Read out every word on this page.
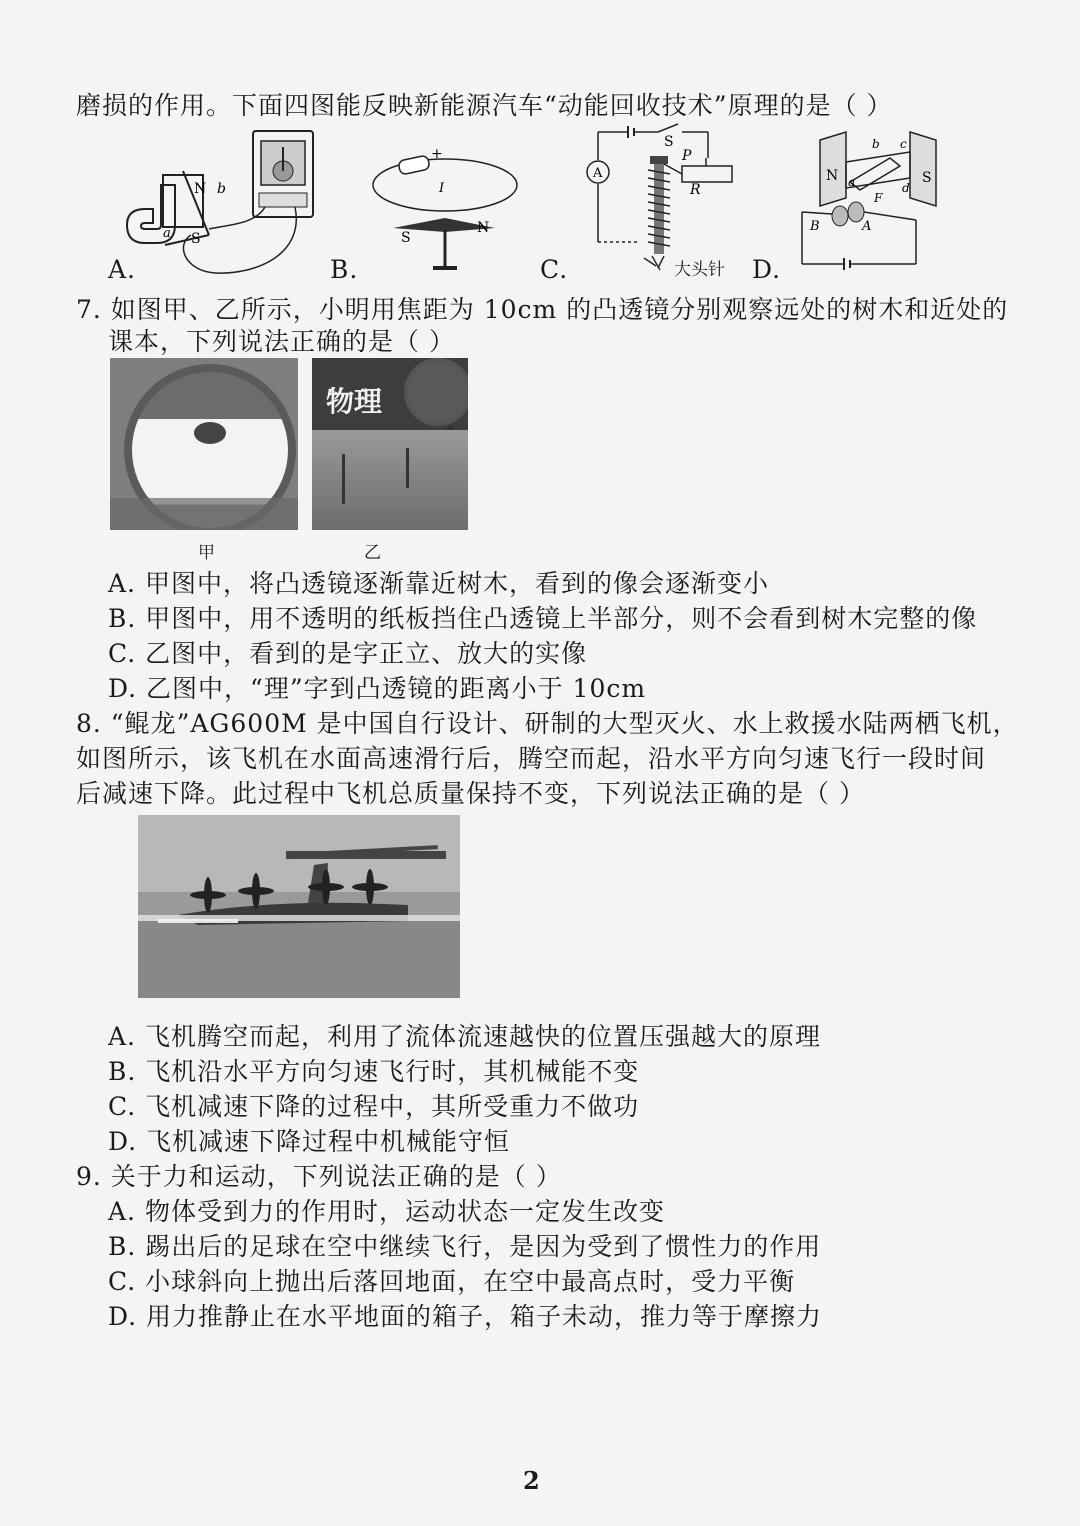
磨损的作用。下面四图能反映新能源汽车“动能回收技术”原理的是（ ）
N b
a S
A.
+
I
S
N
B.
A
S
P
R
大头针
C.
N	S
b c
a	d
F
B	A
D.
7. 如图甲、乙所示，小明用焦距为 10cm 的凸透镜分别观察远处的树木和近处的
课本，下列说法正确的是（ ）
甲
物理
乙
A. 甲图中，将凸透镜逐渐靠近树木，看到的像会逐渐变小
B. 甲图中，用不透明的纸板挡住凸透镜上半部分，则不会看到树木完整的像
C. 乙图中，看到的是字正立、放大的实像
D. 乙图中，“理”字到凸透镜的距离小于 10cm
8. “鲲龙”AG600M 是中国自行设计、研制的大型灭火、水上救援水陆两栖飞机，
如图所示，该飞机在水面高速滑行后，腾空而起，沿水平方向匀速飞行一段时间
后减速下降。此过程中飞机总质量保持不变，下列说法正确的是（ ）
A. 飞机腾空而起，利用了流体流速越快的位置压强越大的原理
B. 飞机沿水平方向匀速飞行时，其机械能不变
C. 飞机减速下降的过程中，其所受重力不做功
D. 飞机减速下降过程中机械能守恒
9. 关于力和运动，下列说法正确的是（ ）
A. 物体受到力的作用时，运动状态一定发生改变
B. 踢出后的足球在空中继续飞行，是因为受到了惯性力的作用
C. 小球斜向上抛出后落回地面，在空中最高点时，受力平衡
D. 用力推静止在水平地面的箱子，箱子未动，推力等于摩擦力
2
